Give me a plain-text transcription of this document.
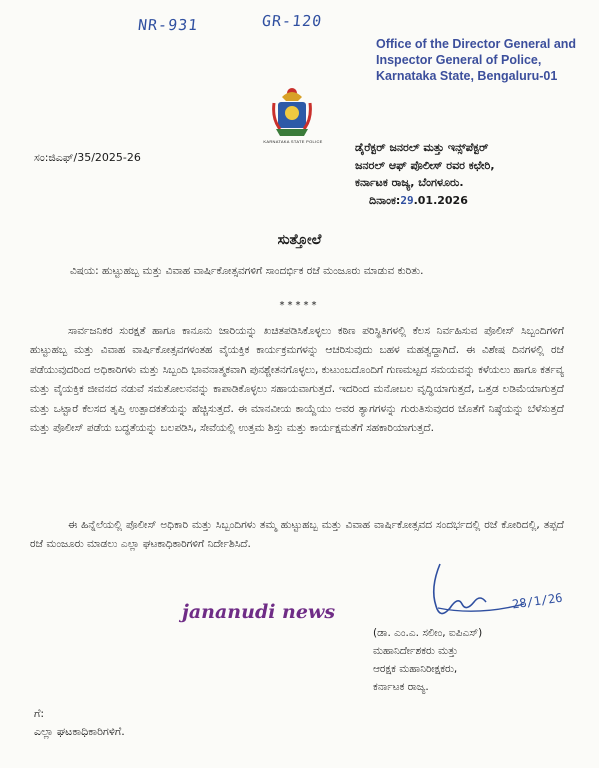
NR-931	GR-120
Office of the Director General and
Inspector General of Police,
Karnataka State, Bengaluru-01
KARNATAKA STATE POLICE
ಸಂ:ಜಿಎಫ್/35/2025-26
ಡೈರೆಕ್ಟರ್ ಜನರಲ್ ಮತ್ತು ಇನ್ಸ್‌ಪೆಕ್ಟರ್
ಜನರಲ್ ಆಫ್ ಪೊಲೀಸ್ ರವರ ಕಛೇರಿ,
ಕರ್ನಾಟಕ ರಾಜ್ಯ, ಬೆಂಗಳೂರು.
ದಿನಾಂಕ:29.01.2026
ಸುತ್ತೋಲೆ
ವಿಷಯ: ಹುಟ್ಟುಹಬ್ಬ ಮತ್ತು ವಿವಾಹ ವಾರ್ಷಿಕೋತ್ಸವಗಳಿಗೆ ಸಾಂದರ್ಭಿಕ ರಜೆ ಮಂಜೂರು ಮಾಡುವ ಕುರಿತು.
*****
ಸಾರ್ವಜನಿಕರ ಸುರಕ್ಷತೆ ಹಾಗೂ ಕಾನೂನು ಜಾರಿಯನ್ನು ಖಚಿತಪಡಿಸಿಕೊಳ್ಳಲು ಕಠಿಣ ಪರಿಸ್ಥಿತಿಗಳಲ್ಲಿ ಕೆಲಸ ನಿರ್ವಹಿಸುವ ಪೊಲೀಸ್ ಸಿಬ್ಬಂದಿಗಳಿಗೆ ಹುಟ್ಟುಹಬ್ಬ ಮತ್ತು ವಿವಾಹ ವಾರ್ಷಿಕೋತ್ಸವಗಳಂತಹ ವೈಯಕ್ತಿಕ ಕಾರ್ಯಕ್ರಮಗಳನ್ನು ಆಚರಿಸುವುದು ಬಹಳ ಮಹತ್ವದ್ದಾಗಿದೆ. ಈ ವಿಶೇಷ ದಿನಗಳಲ್ಲಿ ರಜೆ ಪಡೆಯುವುದರಿಂದ ಅಧಿಕಾರಿಗಳು ಮತ್ತು ಸಿಬ್ಬಂದಿ ಭಾವನಾತ್ಮಕವಾಗಿ ಪುನಶ್ಚೇತನಗೊಳ್ಳಲು, ಕುಟುಂಬದೊಂದಿಗೆ ಗುಣಮಟ್ಟದ ಸಮಯವನ್ನು ಕಳೆಯಲು ಹಾಗೂ ಕರ್ತವ್ಯ ಮತ್ತು ವೈಯಕ್ತಿಕ ಜೀವನದ ನಡುವೆ ಸಮತೋಲನವನ್ನು ಕಾಪಾಡಿಕೊಳ್ಳಲು ಸಹಾಯವಾಗುತ್ತದೆ. ಇದರಿಂದ ಮನೋಬಲ ವೃದ್ಧಿಯಾಗುತ್ತದೆ, ಒತ್ತಡ ಲಡಿಮೆಯಾಗುತ್ತದೆ ಮತ್ತು ಒಟ್ಟಾರೆ ಕೆಲಸದ ತೃಪ್ತಿ ಉತ್ಪಾದಕತೆಯನ್ನು ಹೆಚ್ಚಿಸುತ್ತದೆ. ಈ ಮಾನವೀಯ ಕಾಯ್ದೆಯು ಅವರ ತ್ಯಾಗಗಳನ್ನು ಗುರುತಿಸುವುದರ ಜೊತೆಗೆ ನಿಷ್ಠೆಯನ್ನು ಬೆಳೆಸುತ್ತದೆ ಮತ್ತು ಪೊಲೀಸ್ ಪಡೆಯ ಬದ್ಧತೆಯನ್ನು ಬಲಪಡಿಸಿ, ಸೇವೆಯಲ್ಲಿ ಉತ್ತಮ ಶಿಸ್ತು ಮತ್ತು ಕಾರ್ಯಕ್ಷಮತೆಗೆ ಸಹಕಾರಿಯಾಗುತ್ತದೆ.
ಈ ಹಿನ್ನೆಲೆಯಲ್ಲಿ ಪೊಲೀಸ್ ಅಧಿಕಾರಿ ಮತ್ತು ಸಿಬ್ಬಂದಿಗಳು ತಮ್ಮ ಹುಟ್ಟುಹಬ್ಬ ಮತ್ತು ವಿವಾಹ ವಾರ್ಷಿಕೋತ್ಸವದ ಸಂದರ್ಭದಲ್ಲಿ ರಜೆ ಕೋರಿದಲ್ಲಿ, ತಪ್ಪದೆ ರಜೆ ಮಂಜೂರು ಮಾಡಲು ಎಲ್ಲಾ ಘಟಕಾಧಿಕಾರಿಗಳಿಗೆ ನಿರ್ದೇಶಿಸಿದೆ.
jananudi news	28/1/26
(ಡಾ. ಎಂ.ಎ. ಸಲೀಂ, ಐಪಿಎಸ್)
ಮಹಾನಿರ್ದೇಶಕರು ಮತ್ತು
ಆರಕ್ಷಕ ಮಹಾನಿರೀಕ್ಷಕರು,
ಕರ್ನಾಟಕ ರಾಜ್ಯ.
ಗೆ:
ಎಲ್ಲಾ ಘಟಕಾಧಿಕಾರಿಗಳಿಗೆ.
